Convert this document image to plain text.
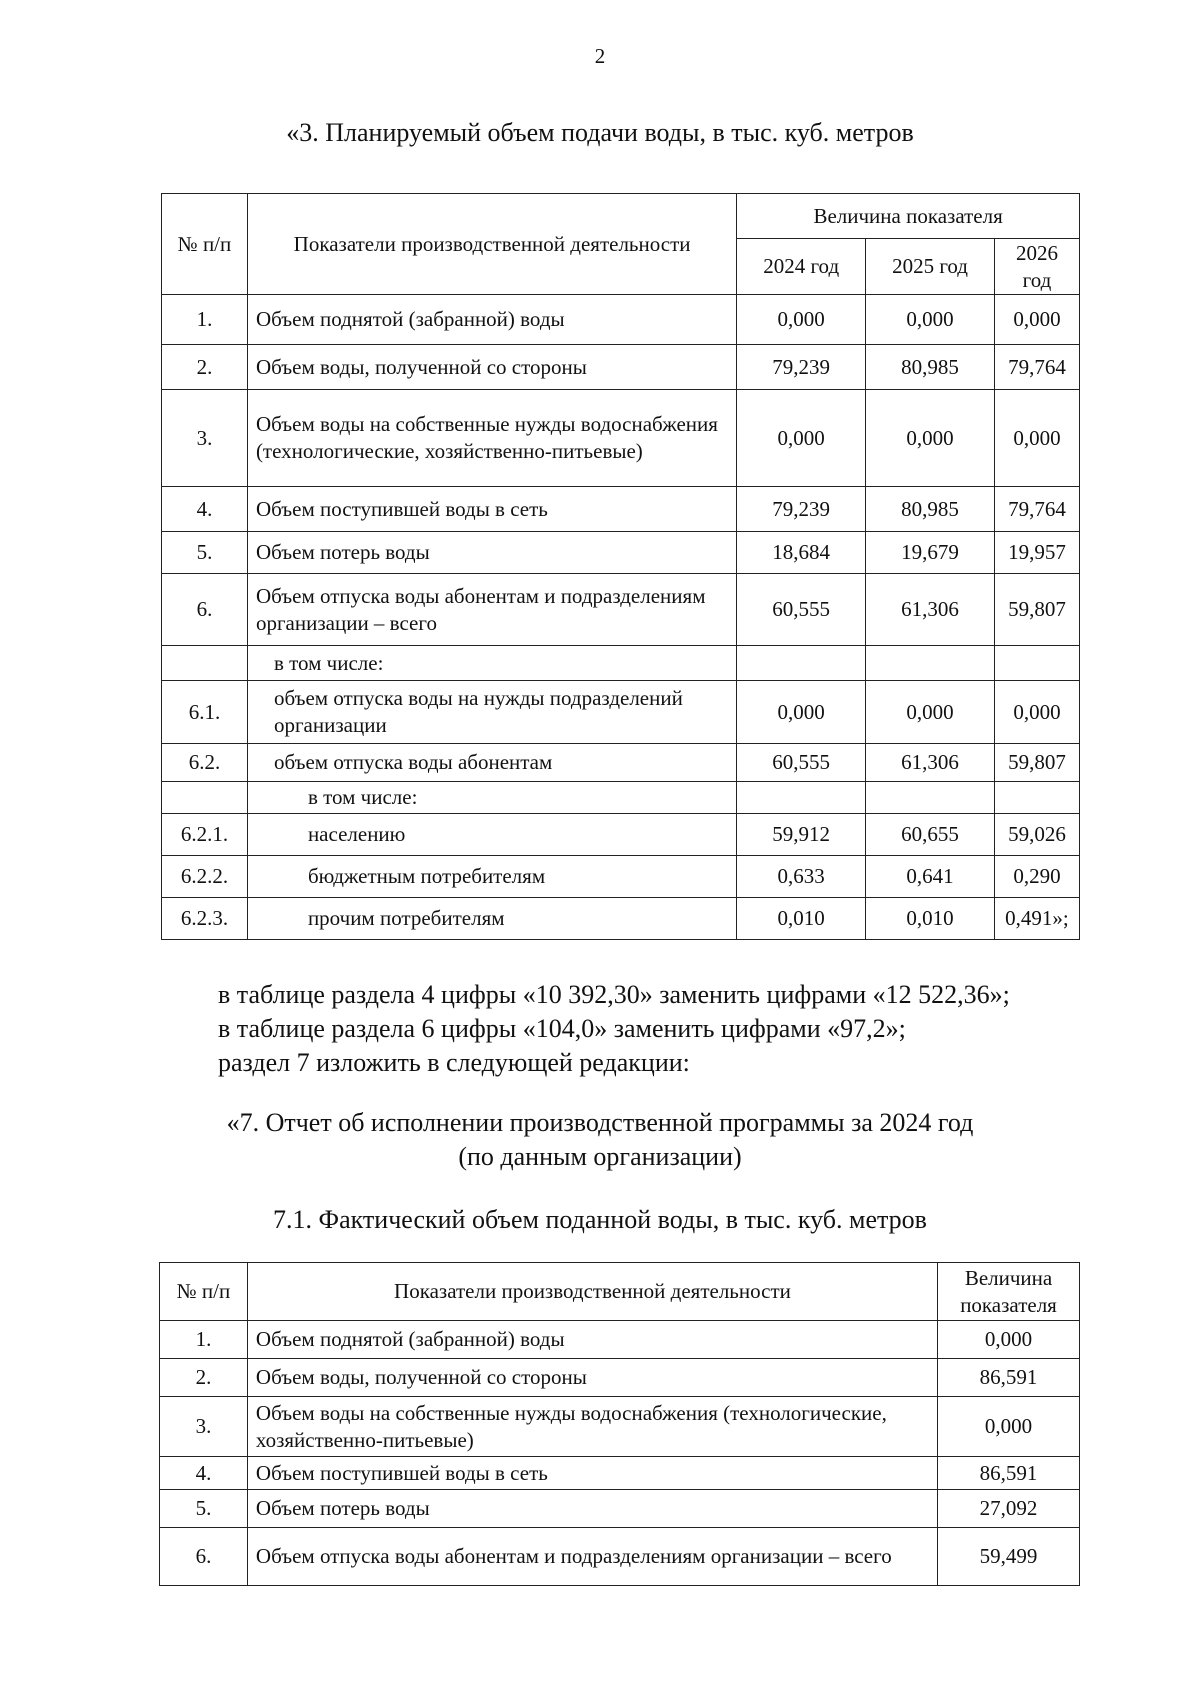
2
«3. Планируемый объем подачи воды, в тыс. куб. метров
№ п/п	Показатели производственной деятельности	Величина показателя		
		2024 год	2025 год	2026 год
1.	Объем поднятой (забранной) воды	0,000	0,000	0,000
2.	Объем воды, полученной со стороны	79,239	80,985	79,764
3.	Объем воды на собственные нужды водоснабжения (технологические, хозяйственно-питьевые)	0,000	0,000	0,000
4.	Объем поступившей воды в сеть	79,239	80,985	79,764
5.	Объем потерь воды	18,684	19,679	19,957
6.	Объем отпуска воды абонентам и подразделениям организации – всего	60,555	61,306	59,807
	в том числе:			
6.1.	объем отпуска воды на нужды подразделений организации	0,000	0,000	0,000
6.2.	объем отпуска воды абонентам	60,555	61,306	59,807
	в том числе:			
6.2.1.	населению	59,912	60,655	59,026
6.2.2.	бюджетным потребителям	0,633	0,641	0,290
6.2.3.	прочим потребителям	0,010	0,010	0,491»;
в таблице раздела 4 цифры «10 392,30» заменить цифрами «12 522,36»;
в таблице раздела 6 цифры «104,0» заменить цифрами «97,2»;
раздел 7 изложить в следующей редакции:
«7. Отчет об исполнении производственной программы за 2024 год
(по данным организации)
7.1. Фактический объем поданной воды, в тыс. куб. метров
№ п/п	Показатели производственной деятельности	Величина показателя
1.	Объем поднятой (забранной) воды	0,000
2.	Объем воды, полученной со стороны	86,591
3.	Объем воды на собственные нужды водоснабжения (технологические, хозяйственно-питьевые)	0,000
4.	Объем поступившей воды в сеть	86,591
5.	Объем потерь воды	27,092
6.	Объем отпуска воды абонентам и подразделениям организации – всего	59,499
